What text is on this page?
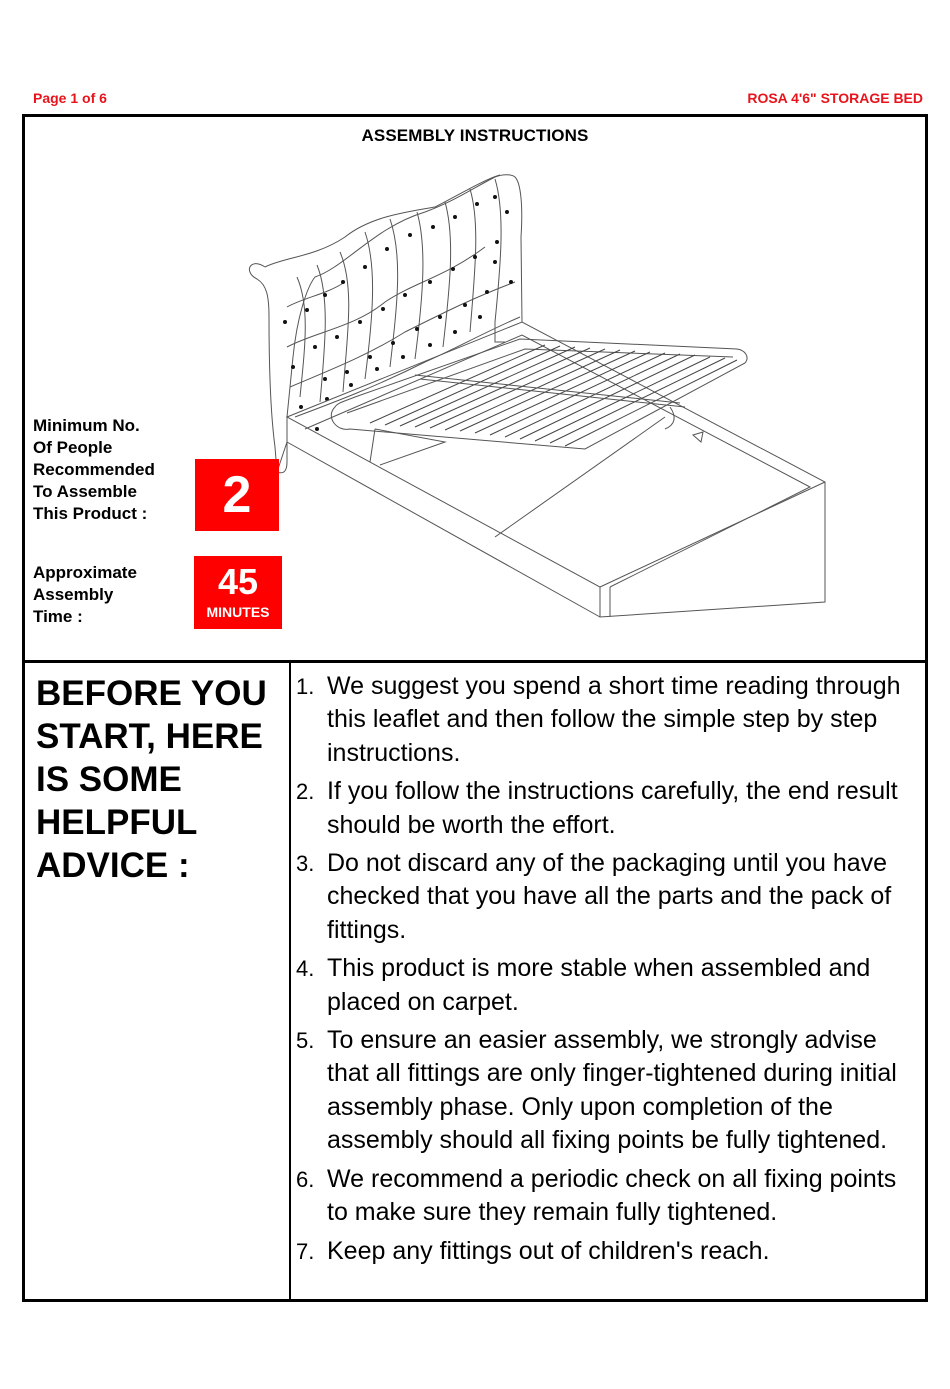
Page 1 of 6	ROSA 4'6" STORAGE BED
ASSEMBLY INSTRUCTIONS
Minimum No.
Of People
Recommended
To Assemble
This Product :	2
Approximate
Assembly
Time :
45
MINUTES
BEFORE YOU
START, HERE
IS SOME
HELPFUL
ADVICE :
1. We suggest you spend a short time reading through this leaflet and then follow the simple step by step instructions.
2. If you follow the instructions carefully, the end result should be worth the effort.
3. Do not discard any of the packaging until you have checked that you have all the parts and the pack of fittings.
4. This product is more stable when assembled and placed on carpet.
5. To ensure an easier assembly, we strongly advise that all fittings are only finger-tightened during initial assembly phase. Only upon completion of the assembly should all fixing points be fully tightened.
6. We recommend a periodic check on all fixing points to make sure they remain fully tightened.
7. Keep any fittings out of children's reach.
